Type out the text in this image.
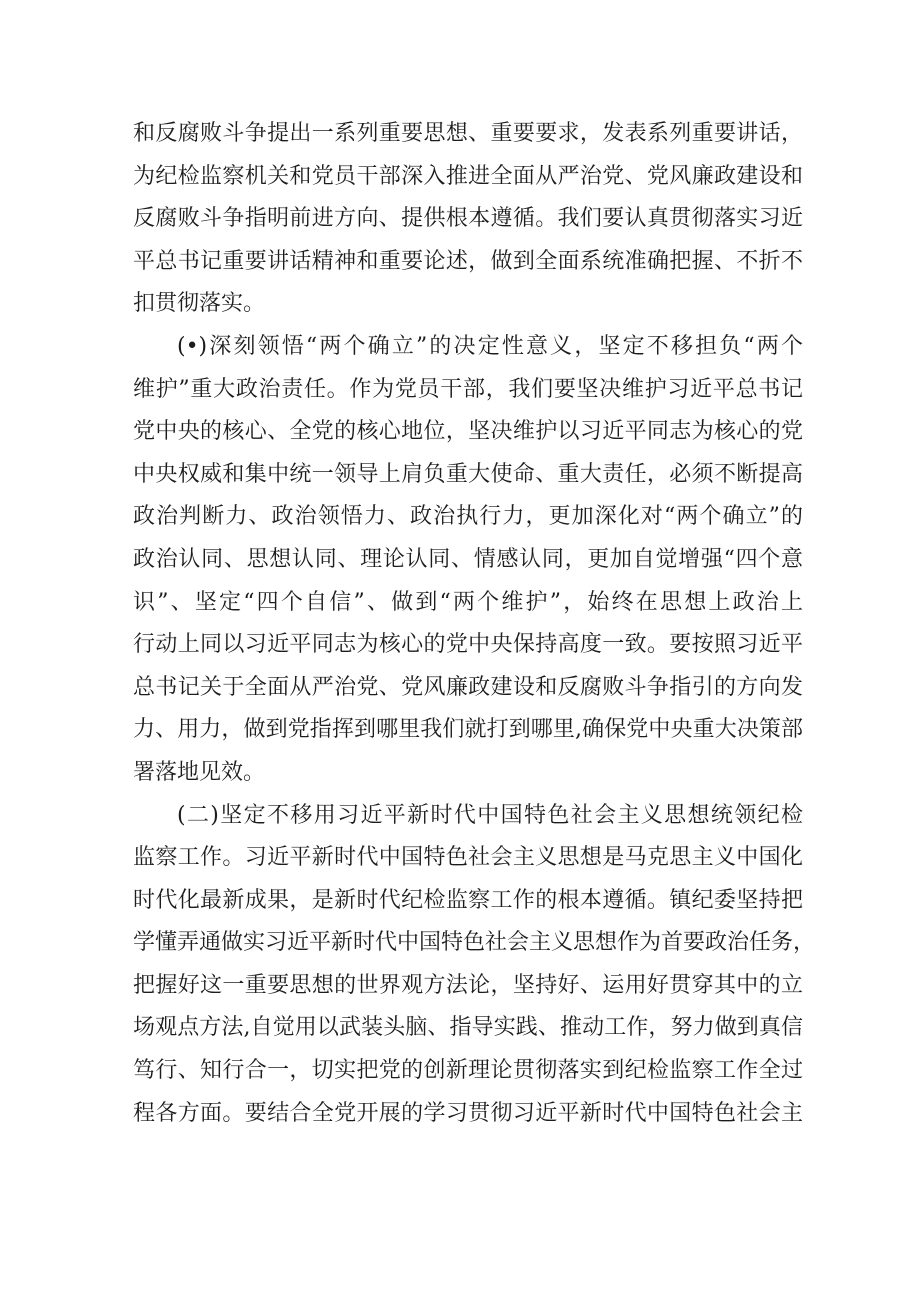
和反腐败斗争提出一系列重要思想、重要要求，发表系列重要讲话，
为纪检监察机关和党员干部深入推进全面从严治党、党风廉政建设和
反腐败斗争指明前进方向、提供根本遵循。我们要认真贯彻落实习近
平总书记重要讲话精神和重要论述，做到全面系统准确把握、不折不
扣贯彻落实。
(•)深刻领悟“两个确立”的决定性意义，坚定不移担负“两个
维护”重大政治责任。作为党员干部，我们要坚决维护习近平总书记
党中央的核心、全党的核心地位，坚决维护以习近平同志为核心的党
中央权威和集中统一领导上肩负重大使命、重大责任，必须不断提高
政治判断力、政治领悟力、政治执行力，更加深化对“两个确立”的
政治认同、思想认同、理论认同、情感认同，更加自觉增强“四个意
识”、坚定“四个自信”、做到“两个维护”，始终在思想上政治上
行动上同以习近平同志为核心的党中央保持高度一致。要按照习近平
总书记关于全面从严治党、党风廉政建设和反腐败斗争指引的方向发
力、用力，做到党指挥到哪里我们就打到哪里,确保党中央重大决策部
署落地见效。
(二)坚定不移用习近平新时代中国特色社会主义思想统领纪检
监察工作。习近平新时代中国特色社会主义思想是马克思主义中国化
时代化最新成果，是新时代纪检监察工作的根本遵循。镇纪委坚持把
学懂弄通做实习近平新时代中国特色社会主义思想作为首要政治任务，
把握好这一重要思想的世界观方法论，坚持好、运用好贯穿其中的立
场观点方法,自觉用以武装头脑、指导实践、推动工作，努力做到真信
笃行、知行合一，切实把党的创新理论贯彻落实到纪检监察工作全过
程各方面。要结合全党开展的学习贯彻习近平新时代中国特色社会主
